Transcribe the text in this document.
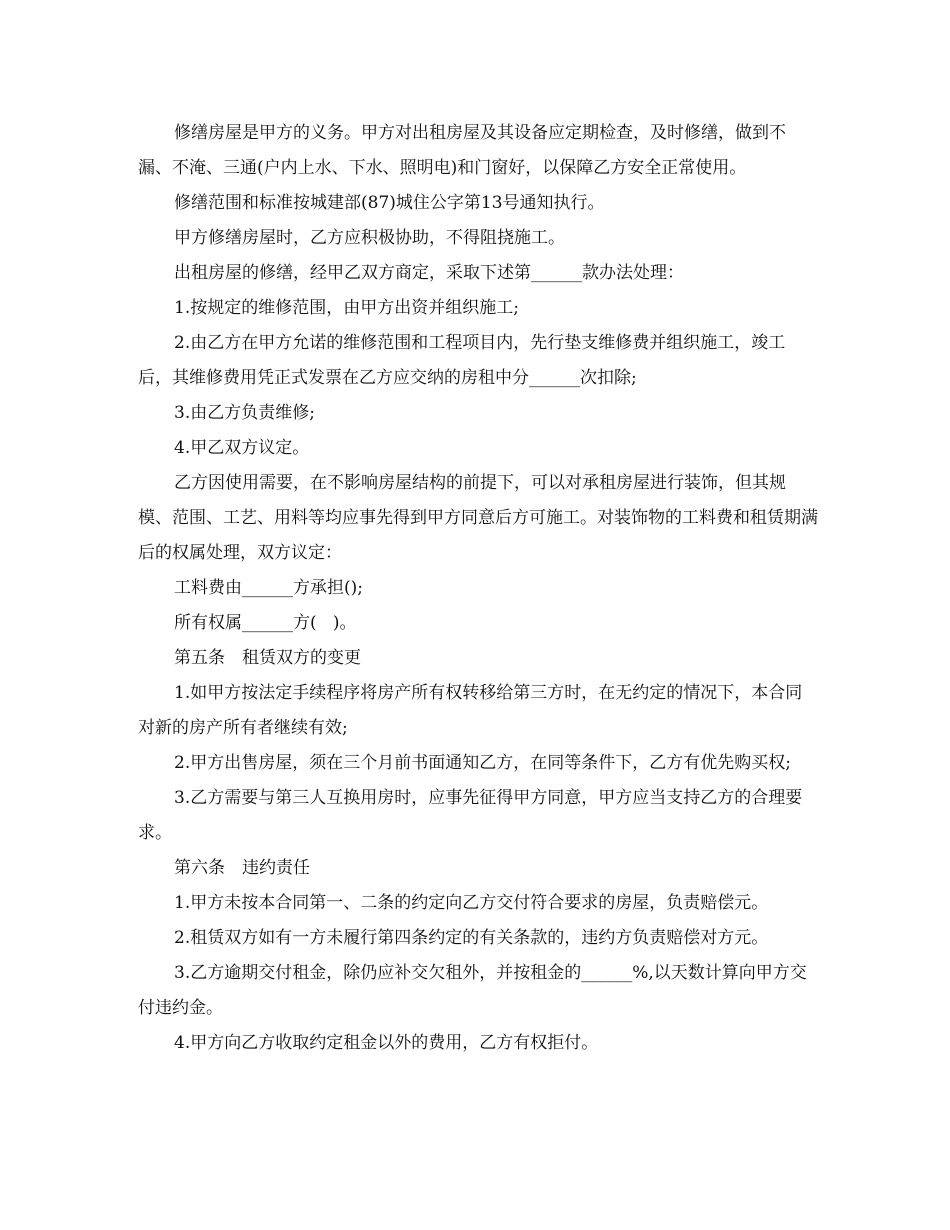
修缮房屋是甲方的义务。甲方对出租房屋及其设备应定期检查，及时修缮，做到不漏、不淹、三通(户内上水、下水、照明电)和门窗好，以保障乙方安全正常使用。

修缮范围和标准按城建部(87)城住公字第13号通知执行。

甲方修缮房屋时，乙方应积极协助，不得阻挠施工。

出租房屋的修缮，经甲乙双方商定，采取下述第______款办法处理：

1.按规定的维修范围，由甲方出资并组织施工;

2.由乙方在甲方允诺的维修范围和工程项目内，先行垫支维修费并组织施工，竣工后，其维修费用凭正式发票在乙方应交纳的房租中分______次扣除;

3.由乙方负责维修;

4.甲乙双方议定。

乙方因使用需要，在不影响房屋结构的前提下，可以对承租房屋进行装饰，但其规模、范围、工艺、用料等均应事先得到甲方同意后方可施工。对装饰物的工料费和租赁期满后的权属处理，双方议定：

工料费由______方承担();

所有权属______方(   )。

第五条　租赁双方的变更

1.如甲方按法定手续程序将房产所有权转移给第三方时，在无约定的情况下，本合同对新的房产所有者继续有效;

2.甲方出售房屋，须在三个月前书面通知乙方，在同等条件下，乙方有优先购买权;

3.乙方需要与第三人互换用房时，应事先征得甲方同意，甲方应当支持乙方的合理要求。

第六条　违约责任

1.甲方未按本合同第一、二条的约定向乙方交付符合要求的房屋，负责赔偿元。

2.租赁双方如有一方未履行第四条约定的有关条款的，违约方负责赔偿对方元。

3.乙方逾期交付租金，除仍应补交欠租外，并按租金的______%,以天数计算向甲方交付违约金。

4.甲方向乙方收取约定租金以外的费用，乙方有权拒付。
